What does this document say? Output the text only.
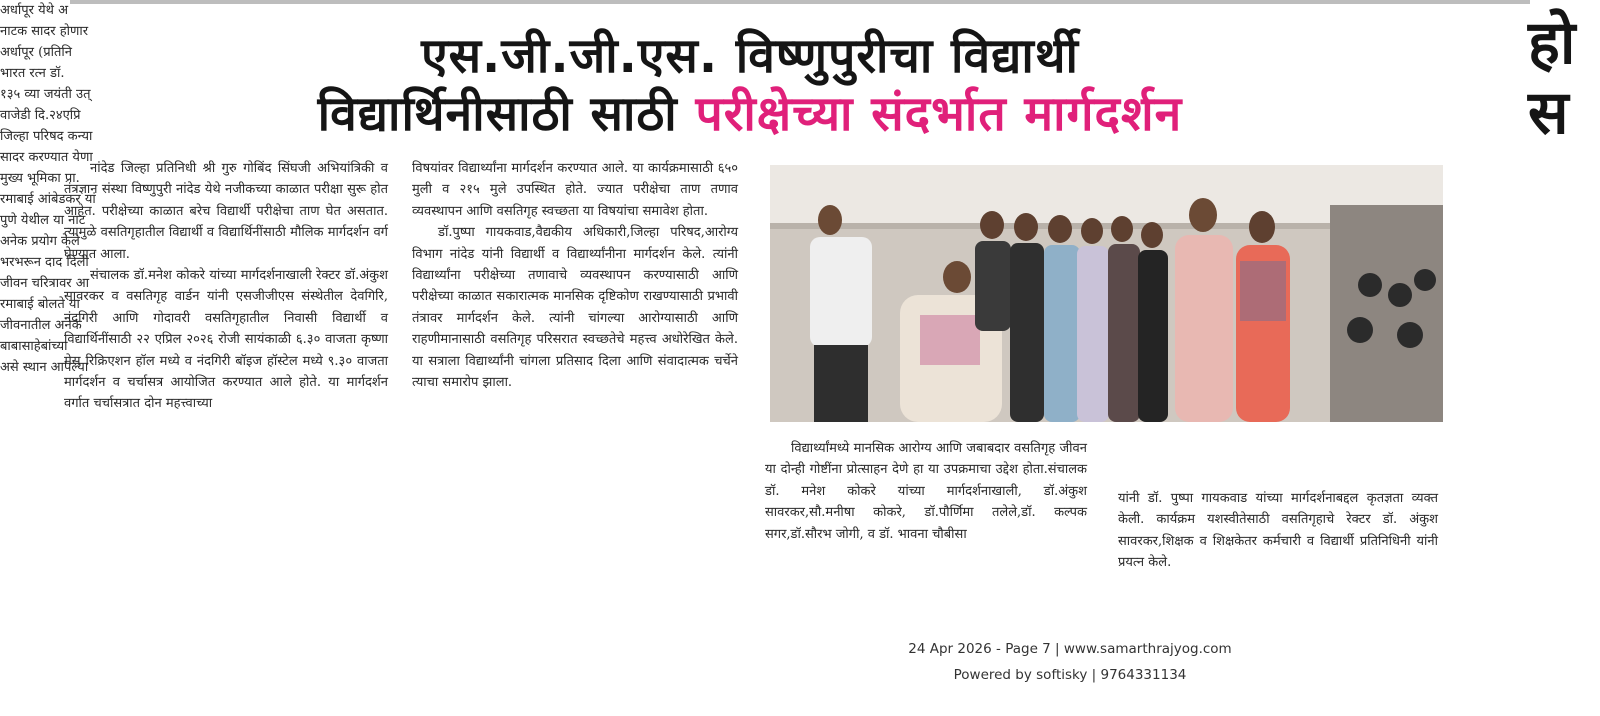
एस.जी.जी.एस. विष्णुपुरीचा विद्यार्थी
विद्यार्थिनीसाठी साठी परीक्षेच्या संदर्भात मार्गदर्शन
हो
स

नांदेड जिल्हा प्रतिनिधी श्री गुरु गोबिंद सिंघजी अभियांत्रिकी व तंत्रज्ञान संस्था विष्णुपुरी नांदेड येथे नजीकच्या काळात परीक्षा सुरू होत आहेत. परीक्षेच्या काळात बरेच विद्यार्थी परीक्षेचा ताण घेत असतात. त्यामुळे वसतिगृहातील विद्यार्थी व विद्यार्थिनींसाठी मौलिक मार्गदर्शन वर्ग घेण्यात आला.

संचालक डॉ.मनेश कोकरे यांच्या मार्गदर्शनाखाली रेक्टर डॉ.अंकुश सावरकर व वसतिगृह वार्डन यांनी एसजीजीएस संस्थेतील देवगिरि, नंदगिरी आणि गोदावरी वसतिगृहातील निवासी विद्यार्थी व विद्यार्थिनींसाठी २२ एप्रिल २०२६ रोजी सायंकाळी ६.३० वाजता कृष्णा मेस रिक्रिएशन हॉल मध्ये व नंदगिरी बॉइज हॉस्टेल मध्ये ९.३० वाजता मार्गदर्शन व चर्चासत्र आयोजित करण्यात आले होते. या मार्गदर्शन वर्गात चर्चासत्रात दोन महत्त्वाच्या

विषयांवर विद्यार्थ्यांना मार्गदर्शन करण्यात आले. या कार्यक्रमासाठी ६५० मुली व २१५ मुले उपस्थित होते. ज्यात परीक्षेचा ताण तणाव व्यवस्थापन आणि वसतिगृह स्वच्छता या विषयांचा समावेश होता.

डॉ.पुष्पा गायकवाड,वैद्यकीय अधिकारी,जिल्हा परिषद,आरोग्य विभाग नांदेड यांनी विद्यार्थी व विद्यार्थ्यांनीना मार्गदर्शन केले. त्यांनी विद्यार्थ्यांना परीक्षेच्या तणावाचे व्यवस्थापन करण्यासाठी आणि परीक्षेच्या काळात सकारात्मक मानसिक दृष्टिकोण राखण्यासाठी प्रभावी तंत्रावर मार्गदर्शन केले. त्यांनी चांगल्या आरोग्यासाठी आणि राहणीमानासाठी वसतिगृह परिसरात स्वच्छतेचे महत्त्व अधोरेखित केले. या सत्राला विद्यार्थ्यांनी चांगला प्रतिसाद दिला आणि संवादात्मक चर्चेने त्याचा समारोप झाला.

विद्यार्थ्यांमध्ये मानसिक आरोग्य आणि जबाबदार वसतिगृह जीवन या दोन्ही गोष्टींना प्रोत्साहन देणे हा या उपक्रमाचा उद्देश होता.संचालक डॉ. मनेश कोकरे यांच्या मार्गदर्शनाखाली, डॉ.अंकुश सावरकर,सौ.मनीषा कोकरे, डॉ.पौर्णिमा तलेले,डॉ. कल्पक सगर,डॉ.सौरभ जोगी, व डॉ. भावना चौबीसा

यांनी डॉ. पुष्पा गायकवाड यांच्या मार्गदर्शनाबद्दल कृतज्ञता व्यक्त केली. कार्यक्रम यशस्वीतेसाठी वसतिगृहाचे रेक्टर डॉ. अंकुश सावरकर,शिक्षक व शिक्षकेतर कर्मचारी व विद्यार्थी प्रतिनिधिनी यांनी प्रयत्न केले.

अर्धापूर येथे अ
नाटक सादर होणार
अर्धापूर (प्रतिनि
भारत रत्न डॉ.
१३५ व्या जयंती उत्
वाजेडी दि.२४एप्रि
जिल्हा परिषद कन्या
सादर करण्यात येणा
मुख्य भूमिका प्रा.
रमाबाई आंबेडकर यां
पुणे येथील या नाट
अनेक प्रयोग केले
भरभरून दाद दिली
जीवन चरित्रावर आ
रमाबाई बोलते या
जीवनातील अनेक
बाबासाहेबांच्या
असे स्थान आपल्या
24 Apr 2026 - Page 7 | www.samarthrajyog.com
Powered by softisky | 9764331134
